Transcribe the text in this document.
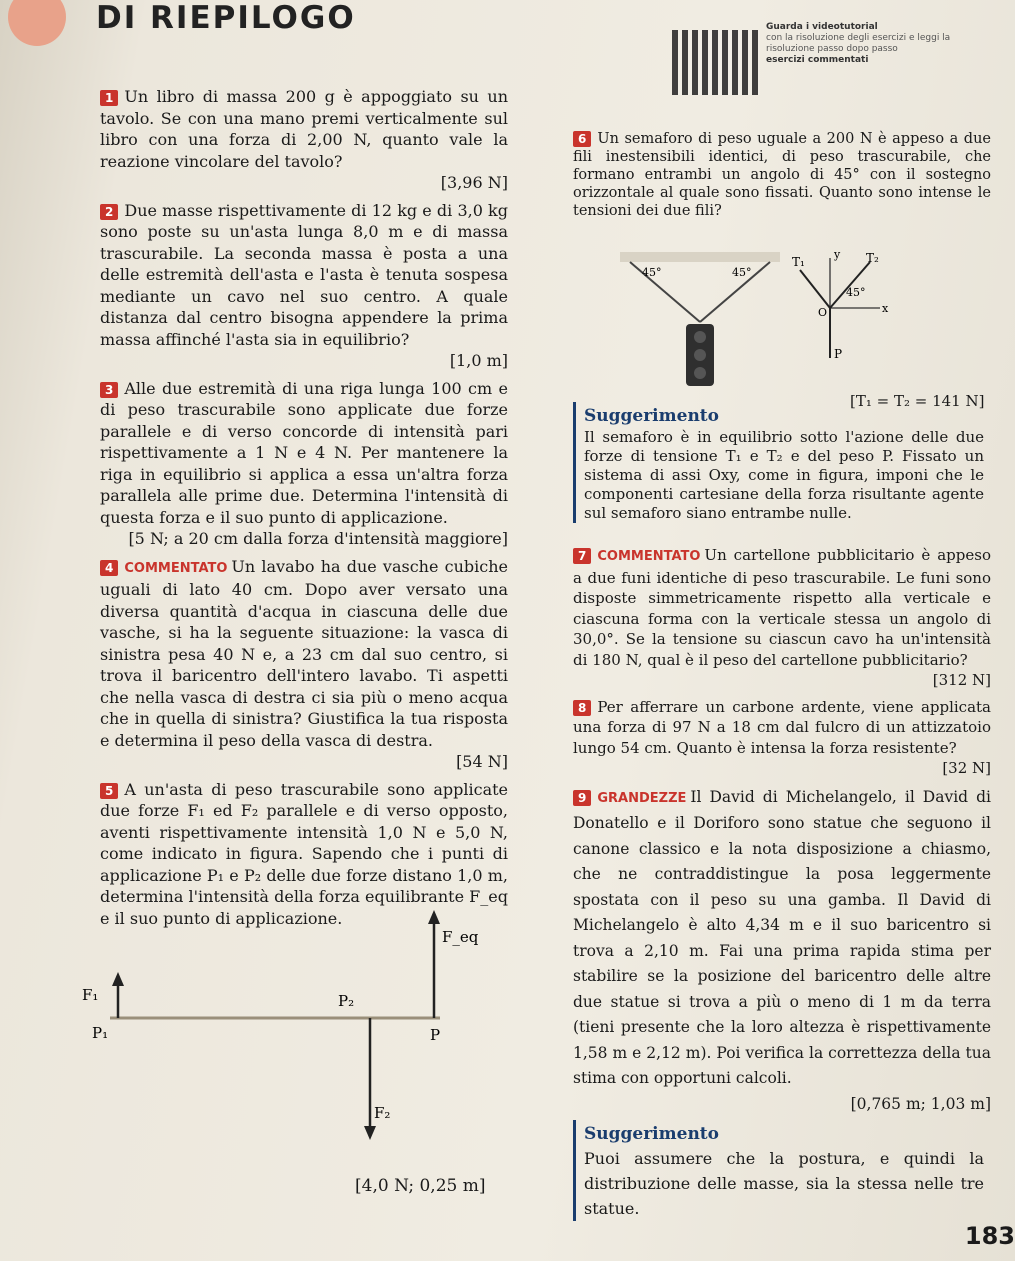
DI RIEPILOGO	Guarda i videotutorial
con la risoluzione degli esercizi e leggi la risoluzione passo dopo passo
esercizi commentati

1 Un libro di massa 200 g è appoggiato su un tavolo. Se con una mano premi verticalmente sul libro con una forza di 2,00 N, quanto vale la reazione vincolare del tavolo?
[3,96 N]

2 Due masse rispettivamente di 12 kg e di 3,0 kg sono poste su un'asta lunga 8,0 m e di massa trascurabile. La seconda massa è posta a una delle estremità dell'asta e l'asta è tenuta sospesa mediante un cavo nel suo centro. A quale distanza dal centro bisogna appendere la prima massa affinché l'asta sia in equilibrio?
[1,0 m]

3 Alle due estremità di una riga lunga 100 cm e di peso trascurabile sono applicate due forze parallele e di verso concorde di intensità pari rispettivamente a 1 N e 4 N. Per mantenere la riga in equilibrio si applica a essa un'altra forza parallela alle prime due. Determina l'intensità di questa forza e il suo punto di applicazione.
[5 N; a 20 cm dalla forza d'intensità maggiore]

4 COMMENTATO Un lavabo ha due vasche cubiche uguali di lato 40 cm. Dopo aver versato una diversa quantità d'acqua in ciascuna delle due vasche, si ha la seguente situazione: la vasca di sinistra pesa 40 N e, a 23 cm dal suo centro, si trova il baricentro dell'intero lavabo. Ti aspetti che nella vasca di destra ci sia più o meno acqua che in quella di sinistra? Giustifica la tua risposta e determina il peso della vasca di destra.
[54 N]

5 A un'asta di peso trascurabile sono applicate due forze F₁ ed F₂ parallele e di verso opposto, aventi rispettivamente intensità 1,0 N e 5,0 N, come indicato in figura. Sapendo che i punti di applicazione P₁ e P₂ delle due forze distano 1,0 m, determina l'intensità della forza equilibrante F_eq e il suo punto di applicazione.

F_eq
F₁
P₁
P₂
P
F₂
[4,0 N; 0,25 m]
6 Un semaforo di peso uguale a 200 N è appeso a due fili inestensibili identici, di peso trascurabile, che formano entrambi un angolo di 45° con il sostegno orizzontale al quale sono fissati. Quanto sono intense le tensioni dei due fili?
45°	45°
T₁	T₂
y
x
O
45°
P
[T₁ = T₂ = 141 N]
Suggerimento
Il semaforo è in equilibrio sotto l'azione delle due forze di tensione T₁ e T₂ e del peso P. Fissato un sistema di assi Oxy, come in figura, imponi che le componenti cartesiane della forza risultante agente sul semaforo siano entrambe nulle.

7 COMMENTATO Un cartellone pubblicitario è appeso a due funi identiche di peso trascurabile. Le funi sono disposte simmetricamente rispetto alla verticale e ciascuna forma con la verticale stessa un angolo di 30,0°. Se la tensione su ciascun cavo ha un'intensità di 180 N, qual è il peso del cartellone pubblicitario?
[312 N]

8 Per afferrare un carbone ardente, viene applicata una forza di 97 N a 18 cm dal fulcro di un attizzatoio lungo 54 cm. Quanto è intensa la forza resistente?
[32 N]

9 GRANDEZZE Il David di Michelangelo, il David di Donatello e il Doriforo sono statue che seguono il canone classico e la nota disposizione a chiasmo, che ne contraddistingue la posa leggermente spostata con il peso su una gamba. Il David di Michelangelo è alto 4,34 m e il suo baricentro si trova a 2,10 m. Fai una prima rapida stima per stabilire se la posizione del baricentro delle altre due statue si trova a più o meno di 1 m da terra (tieni presente che la loro altezza è rispettivamente 1,58 m e 2,12 m). Poi verifica la correttezza della tua stima con opportuni calcoli.
[0,765 m; 1,03 m]

Suggerimento
Puoi assumere che la postura, e quindi la distribuzione delle masse, sia la stessa nelle tre statue.
183
